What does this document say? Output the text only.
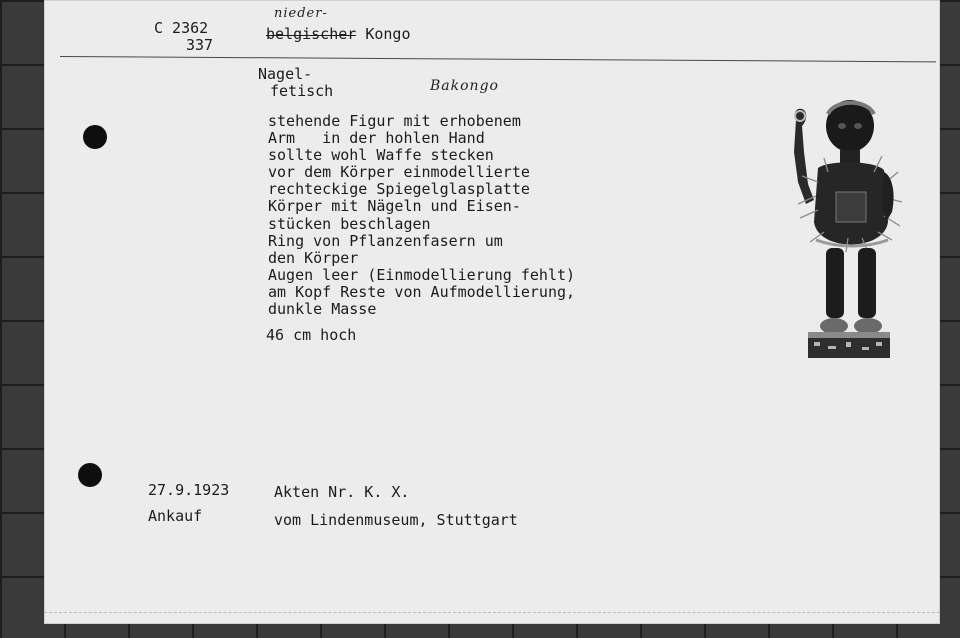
C 2362
337
nieder-
belgischer Kongo
Nagel-
fetisch	Bakongo
stehende Figur mit erhobenem
Arm   in der hohlen Hand
sollte wohl Waffe stecken
vor dem Körper einmodellierte
rechteckige Spiegelglasplatte
Körper mit Nägeln und Eisen-
stücken beschlagen
Ring von Pflanzenfasern um
den Körper
Augen leer (Einmodellierung fehlt)
am Kopf Reste von Aufmodellierung,
dunkle Masse
46 cm hoch
27.9.1923
Ankauf
Akten Nr. K. X.
vom Lindenmuseum, Stuttgart
